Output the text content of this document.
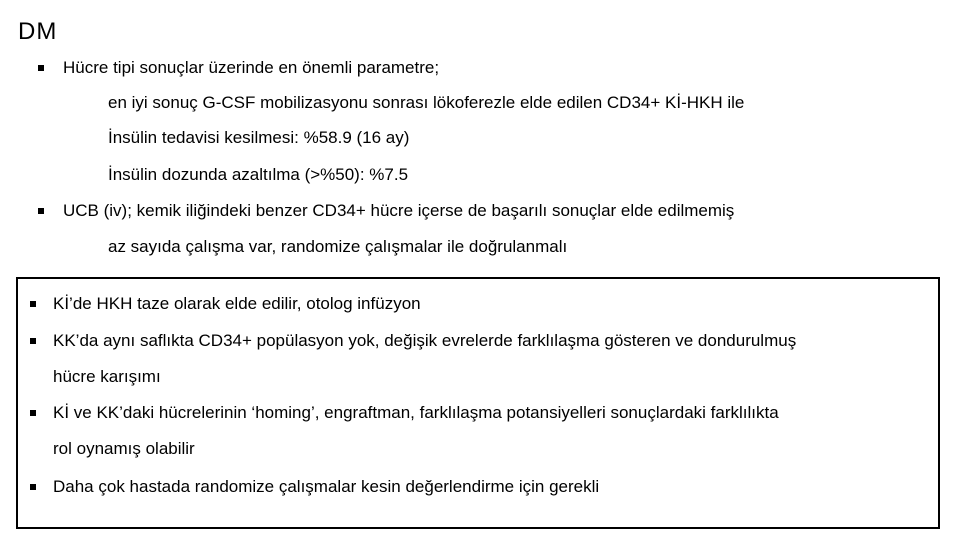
DM
Hücre tipi sonuçlar üzerinde en önemli parametre;
en iyi sonuç G-CSF mobilizasyonu sonrası lökoferezle elde edilen CD34+ Kİ-HKH ile
İnsülin tedavisi kesilmesi: %58.9 (16 ay)
İnsülin dozunda azaltılma (>%50): %7.5
UCB (iv); kemik iliğindeki benzer CD34+ hücre içerse de başarılı sonuçlar elde edilmemiş
az sayıda çalışma var, randomize çalışmalar ile doğrulanmalı
Kİ’de HKH taze olarak elde edilir, otolog infüzyon
KK’da aynı saflıkta CD34+ popülasyon yok, değişik evrelerde farklılaşma gösteren ve dondurulmuş
hücre karışımı
Kİ ve KK’daki hücrelerinin ‘homing’, engraftman, farklılaşma potansiyelleri sonuçlardaki farklılıkta
rol oynamış olabilir
Daha çok hastada randomize çalışmalar kesin değerlendirme için gerekli
